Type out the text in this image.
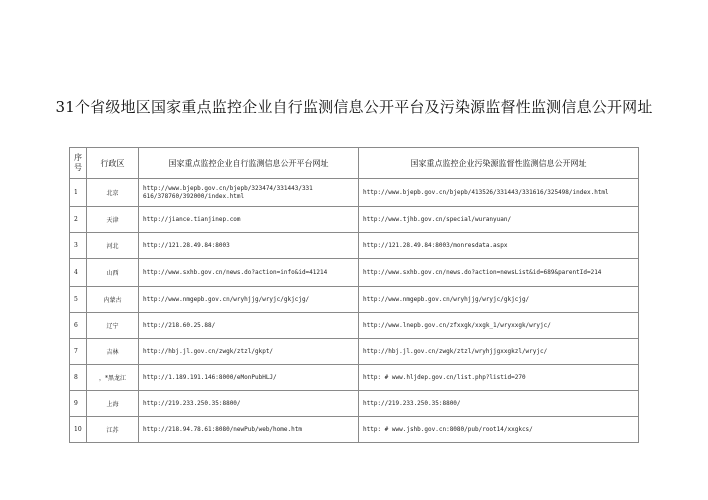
31个省级地区国家重点监控企业自行监测信息公开平台及污染源监督性监测信息公开网址
序号	行政区	国家重点监控企业自行监测信息公开平台网址	国家重点监控企业污染源监督性监测信息公开网址
1	北京	http://www.bjepb.gov.cn/bjepb/323474/331443/331
616/378760/392000/index.html	http://www.bjepb.gov.cn/bjepb/413526/331443/331616/325498/index.html
2	天津	http://jiance.tianjinep.com	http://www.tjhb.gov.cn/special/wuranyuan/
3	河北	http://121.28.49.84:8003	http://121.28.49.84:8003/monresdata.aspx
4	山西	http://www.sxhb.gov.cn/news.do?action=info&id=41214	http://www.sxhb.gov.cn/news.do?action=newsList&id=689&parentId=214
5	内蒙古	http://www.nmgepb.gov.cn/wryhjjg/wryjc/gkjcjg/	http://www.nmgepb.gov.cn/wryhjjg/wryjc/gkjcjg/
6	辽宁	http://218.60.25.88/	http://www.lnepb.gov.cn/zfxxgk/xxgk_1/wryxxgk/wryjc/
7	吉林	http://hbj.jl.gov.cn/zwgk/ztzl/gkpt/	http://hbj.jl.gov.cn/zwgk/ztzl/wryhjjgxxgkzl/wryjc/
8	，*黑龙江	http://1.189.191.146:8000/eMonPubHLJ/	http: # www.hljdep.gov.cn/list.php?listid=270
9	上海	http://219.233.250.35:8800/	http://219.233.250.35:8800/
10	江苏	http://218.94.78.61:8080/newPub/web/home.htm	http: # www.jshb.gov.cn:8080/pub/root14/xxgkcs/
